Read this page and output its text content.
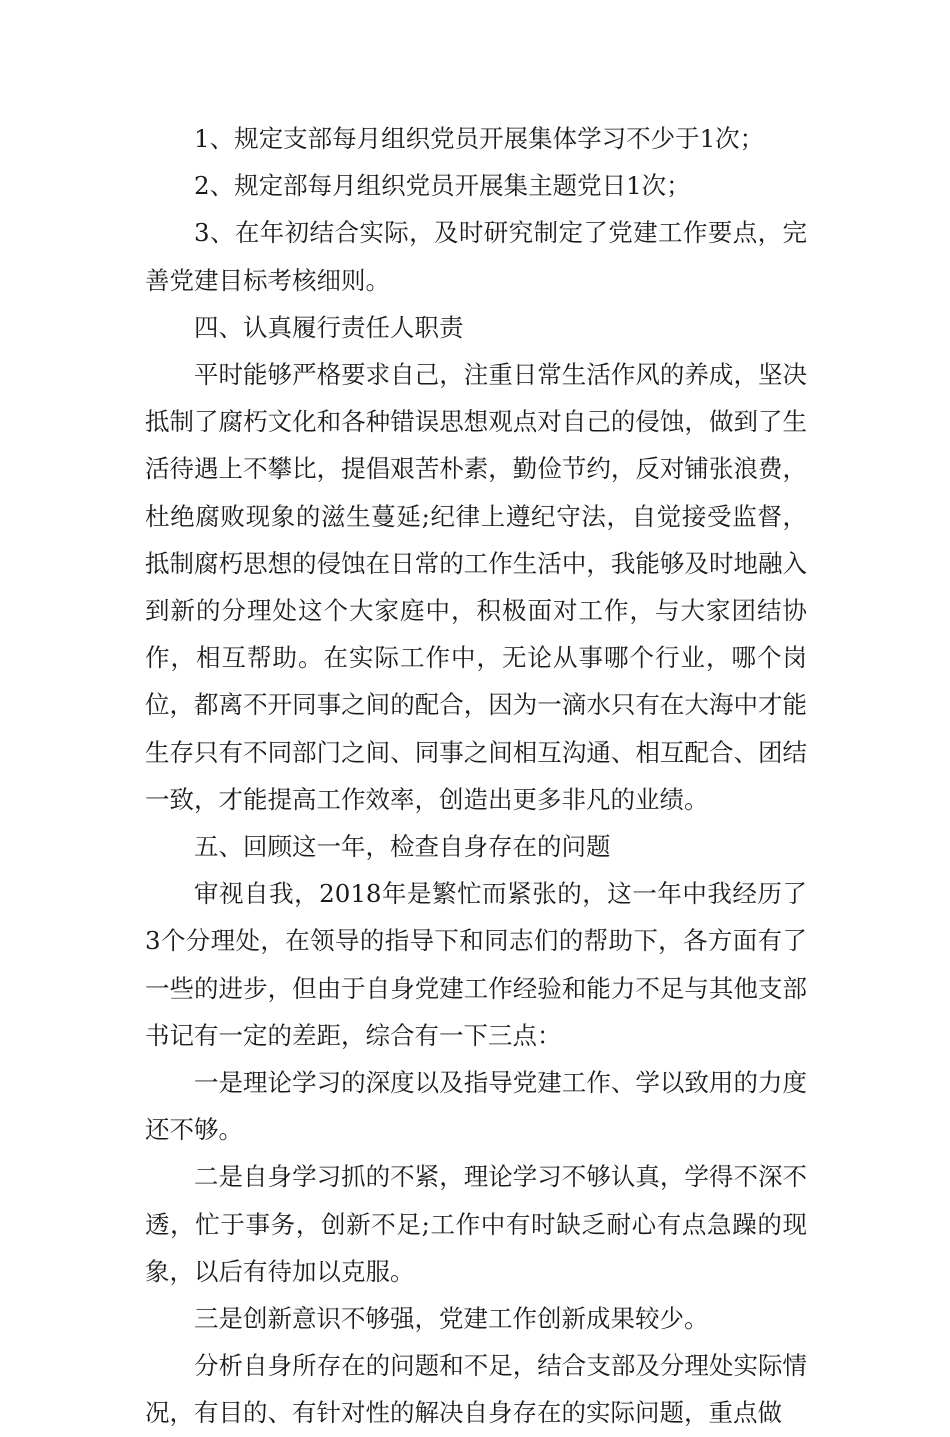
1、规定支部每月组织党员开展集体学习不少于1次；

2、规定部每月组织党员开展集主题党日1次；

3、在年初结合实际，及时研究制定了党建工作要点，完善党建目标考核细则。

四、认真履行责任人职责

平时能够严格要求自己，注重日常生活作风的养成，坚决抵制了腐朽文化和各种错误思想观点对自己的侵蚀，做到了生活待遇上不攀比，提倡艰苦朴素，勤俭节约，反对铺张浪费，杜绝腐败现象的滋生蔓延;纪律上遵纪守法，自觉接受监督，抵制腐朽思想的侵蚀在日常的工作生活中，我能够及时地融入到新的分理处这个大家庭中，积极面对工作，与大家团结协作，相互帮助。在实际工作中，无论从事哪个行业，哪个岗位，都离不开同事之间的配合，因为一滴水只有在大海中才能生存只有不同部门之间、同事之间相互沟通、相互配合、团结一致，才能提高工作效率，创造出更多非凡的业绩。

五、回顾这一年，检查自身存在的问题

审视自我，2018年是繁忙而紧张的，这一年中我经历了3个分理处，在领导的指导下和同志们的帮助下，各方面有了一些的进步，但由于自身党建工作经验和能力不足与其他支部书记有一定的差距，综合有一下三点：

一是理论学习的深度以及指导党建工作、学以致用的力度还不够。

二是自身学习抓的不紧，理论学习不够认真，学得不深不透，忙于事务，创新不足;工作中有时缺乏耐心有点急躁的现象，以后有待加以克服。

三是创新意识不够强，党建工作创新成果较少。

分析自身所存在的问题和不足，结合支部及分理处实际情况，有目的、有针对性的解决自身存在的实际问题，重点做
